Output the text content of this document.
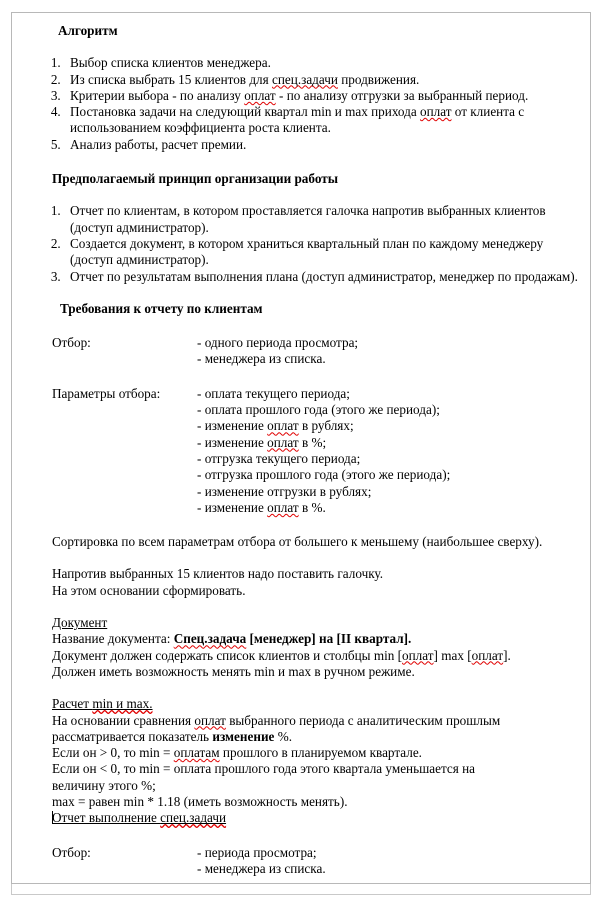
Алгоритм
1. Выбор списка клиентов менеджера.
2. Из списка выбрать 15 клиентов для спец.задачи продвижения.
3. Критерии выбора - по анализу оплат - по анализу отгрузки за выбранный период.
4. Постановка задачи на следующий квартал min и max прихода оплат от клиента с использованием коэффициента роста клиента.
5. Анализ работы, расчет премии.
Предполагаемый принцип организации работы
1. Отчет по клиентам, в котором проставляется галочка напротив выбранных клиентов (доступ администратор).
2. Создается документ, в котором храниться квартальный план по каждому менеджеру (доступ администратор).
3. Отчет по результатам выполнения плана (доступ администратор, менеджер по продажам).
Требования к отчету по клиентам
Отбор:	- одного периода просмотра;
- менеджера из списка.
Параметры отбора:	- оплата текущего периода;
- оплата прошлого года (этого же периода);
- изменение оплат в рублях;
- изменение оплат в %;
- отгрузка текущего периода;
- отгрузка прошлого года (этого же периода);
- изменение отгрузки в рублях;
- изменение оплат в %.
Сортировка по всем параметрам отбора от большего к меньшему (наибольшее сверху).
Напротив выбранных 15 клиентов надо поставить галочку.
На этом основании сформировать.
Документ
Название документа: Спец.задача [менеджер] на [II квартал].
Документ должен содержать список клиентов и столбцы min [оплат] max [оплат].
Должен иметь возможность менять min и max в ручном режиме.
Расчет min и max.
На основании сравнения оплат выбранного периода с аналитическим прошлым
рассматривается показатель изменение %.
Если он > 0, то min = оплатам прошлого в планируемом квартале.
Если он < 0, то min = оплата прошлого года этого квартала уменьшается на
величину этого %;
max = равен min * 1.18 (иметь возможность менять).
Отчет выполнение спец.задачи
Отбор:	- периода просмотра;
- менеджера из списка.
